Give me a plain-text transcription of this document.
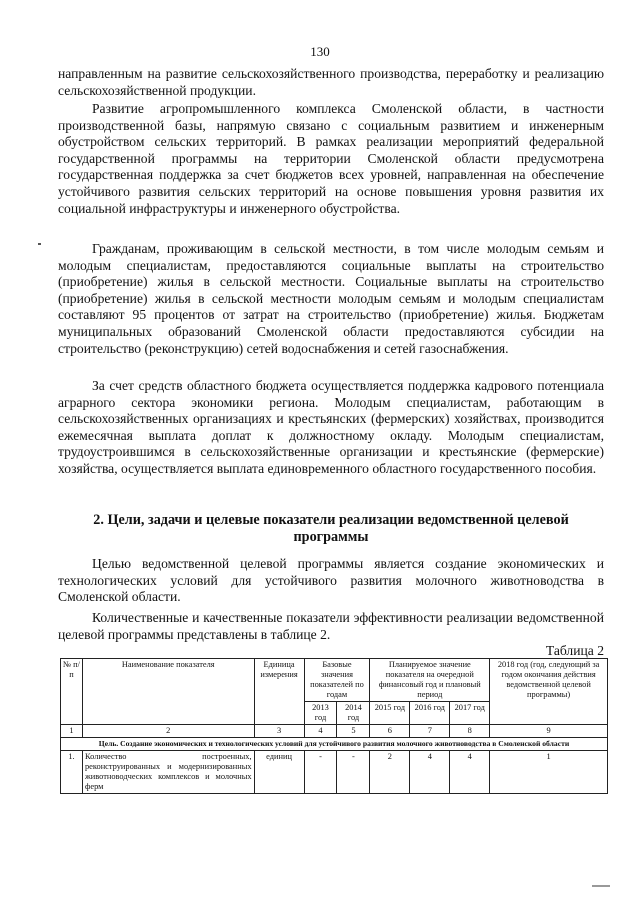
130

направленным на развитие сельскохозяйственного производства, переработку и реализацию сельскохозяйственной продукции.

Развитие агропромышленного комплекса Смоленской области, в частности производственной базы, напрямую связано с социальным развитием и инженерным обустройством сельских территорий. В рамках реализации мероприятий федеральной государственной программы на территории Смоленской области предусмотрена государственная поддержка за счет бюджетов всех уровней, направленная на обеспечение устойчивого развития сельских территорий на основе повышения уровня развития их социальной инфраструктуры и инженерного обустройства.

Гражданам, проживающим в сельской местности, в том числе молодым семьям и молодым специалистам, предоставляются социальные выплаты на строительство (приобретение) жилья в сельской местности. Социальные выплаты на строительство (приобретение) жилья в сельской местности молодым семьям и молодым специалистам составляют 95 процентов от затрат на строительство (приобретение) жилья. Бюджетам муниципальных образований Смоленской области предоставляются субсидии на строительство (реконструкцию) сетей водоснабжения и сетей газоснабжения.

За счет средств областного бюджета осуществляется поддержка кадрового потенциала аграрного сектора экономики региона. Молодым специалистам, работающим в сельскохозяйственных организациях и крестьянских (фермерских) хозяйствах, производится ежемесячная выплата доплат к должностному окладу. Молодым специалистам, трудоустроившимся в сельскохозяйственные организации и крестьянские (фермерские) хозяйства, осуществляется выплата единовременного областного государственного пособия.

2. Цели, задачи и целевые показатели реализации ведомственной целевой программы

Целью ведомственной целевой программы является создание экономических и технологических условий для устойчивого развития молочного животноводства в Смоленской области.

Количественные и качественные показатели эффективности реализации ведомственной целевой программы представлены в таблице 2.

Таблица 2
№ п/п	Наименование показателя	Единица измерения	Базовые значения показателей по годам		Планируемое значение показателя на очередной финансовый год и плановый период			2018 год (год, следующий за годом окончания действия ведомственной целевой программы)
			2013 год	2014 год	2015 год	2016 год	2017 год	
1	2	3	4	5	6	7	8	9
Цель. Создание экономических и технологических условий для устойчивого развития молочного животноводства в Смоленской области								
1.	Количество построенных, реконструированных и модернизированных животноводческих комплексов и молочных ферм	единиц	-	-	2	4	4	1
